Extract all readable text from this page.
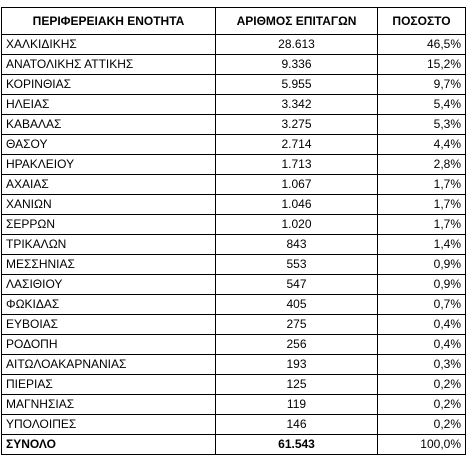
ΠΕΡΙΦΕΡΕΙΑΚΗ ΕΝΟΤΗΤΑ	ΑΡΙΘΜΟΣ ΕΠΙΤΑΓΩΝ	ΠΟΣΟΣΤΟ
ΧΑΛΚΙΔΙΚΗΣ	28.613	46,5%
ΑΝΑΤΟΛΙΚΗΣ ΑΤΤΙΚΗΣ	9.336	15,2%
ΚΟΡΙΝΘΙΑΣ	5.955	9,7%
ΗΛΕΙΑΣ	3.342	5,4%
ΚΑΒΑΛΑΣ	3.275	5,3%
ΘΑΣΟΥ	2.714	4,4%
ΗΡΑΚΛΕΙΟΥ	1.713	2,8%
ΑΧΑΙΑΣ	1.067	1,7%
ΧΑΝΙΩΝ	1.046	1,7%
ΣΕΡΡΩΝ	1.020	1,7%
ΤΡΙΚΑΛΩΝ	843	1,4%
ΜΕΣΣΗΝΙΑΣ	553	0,9%
ΛΑΣΙΘΙΟΥ	547	0,9%
ΦΩΚΙΔΑΣ	405	0,7%
ΕΥΒΟΙΑΣ	275	0,4%
ΡΟΔΟΠΗ	256	0,4%
ΑΙΤΩΛΟΑΚΑΡΝΑΝΙΑΣ	193	0,3%
ΠΙΕΡΙΑΣ	125	0,2%
ΜΑΓΝΗΣΙΑΣ	119	0,2%
ΥΠΟΛΟΙΠΕΣ	146	0,2%
ΣΥΝΟΛΟ	61.543	100,0%
